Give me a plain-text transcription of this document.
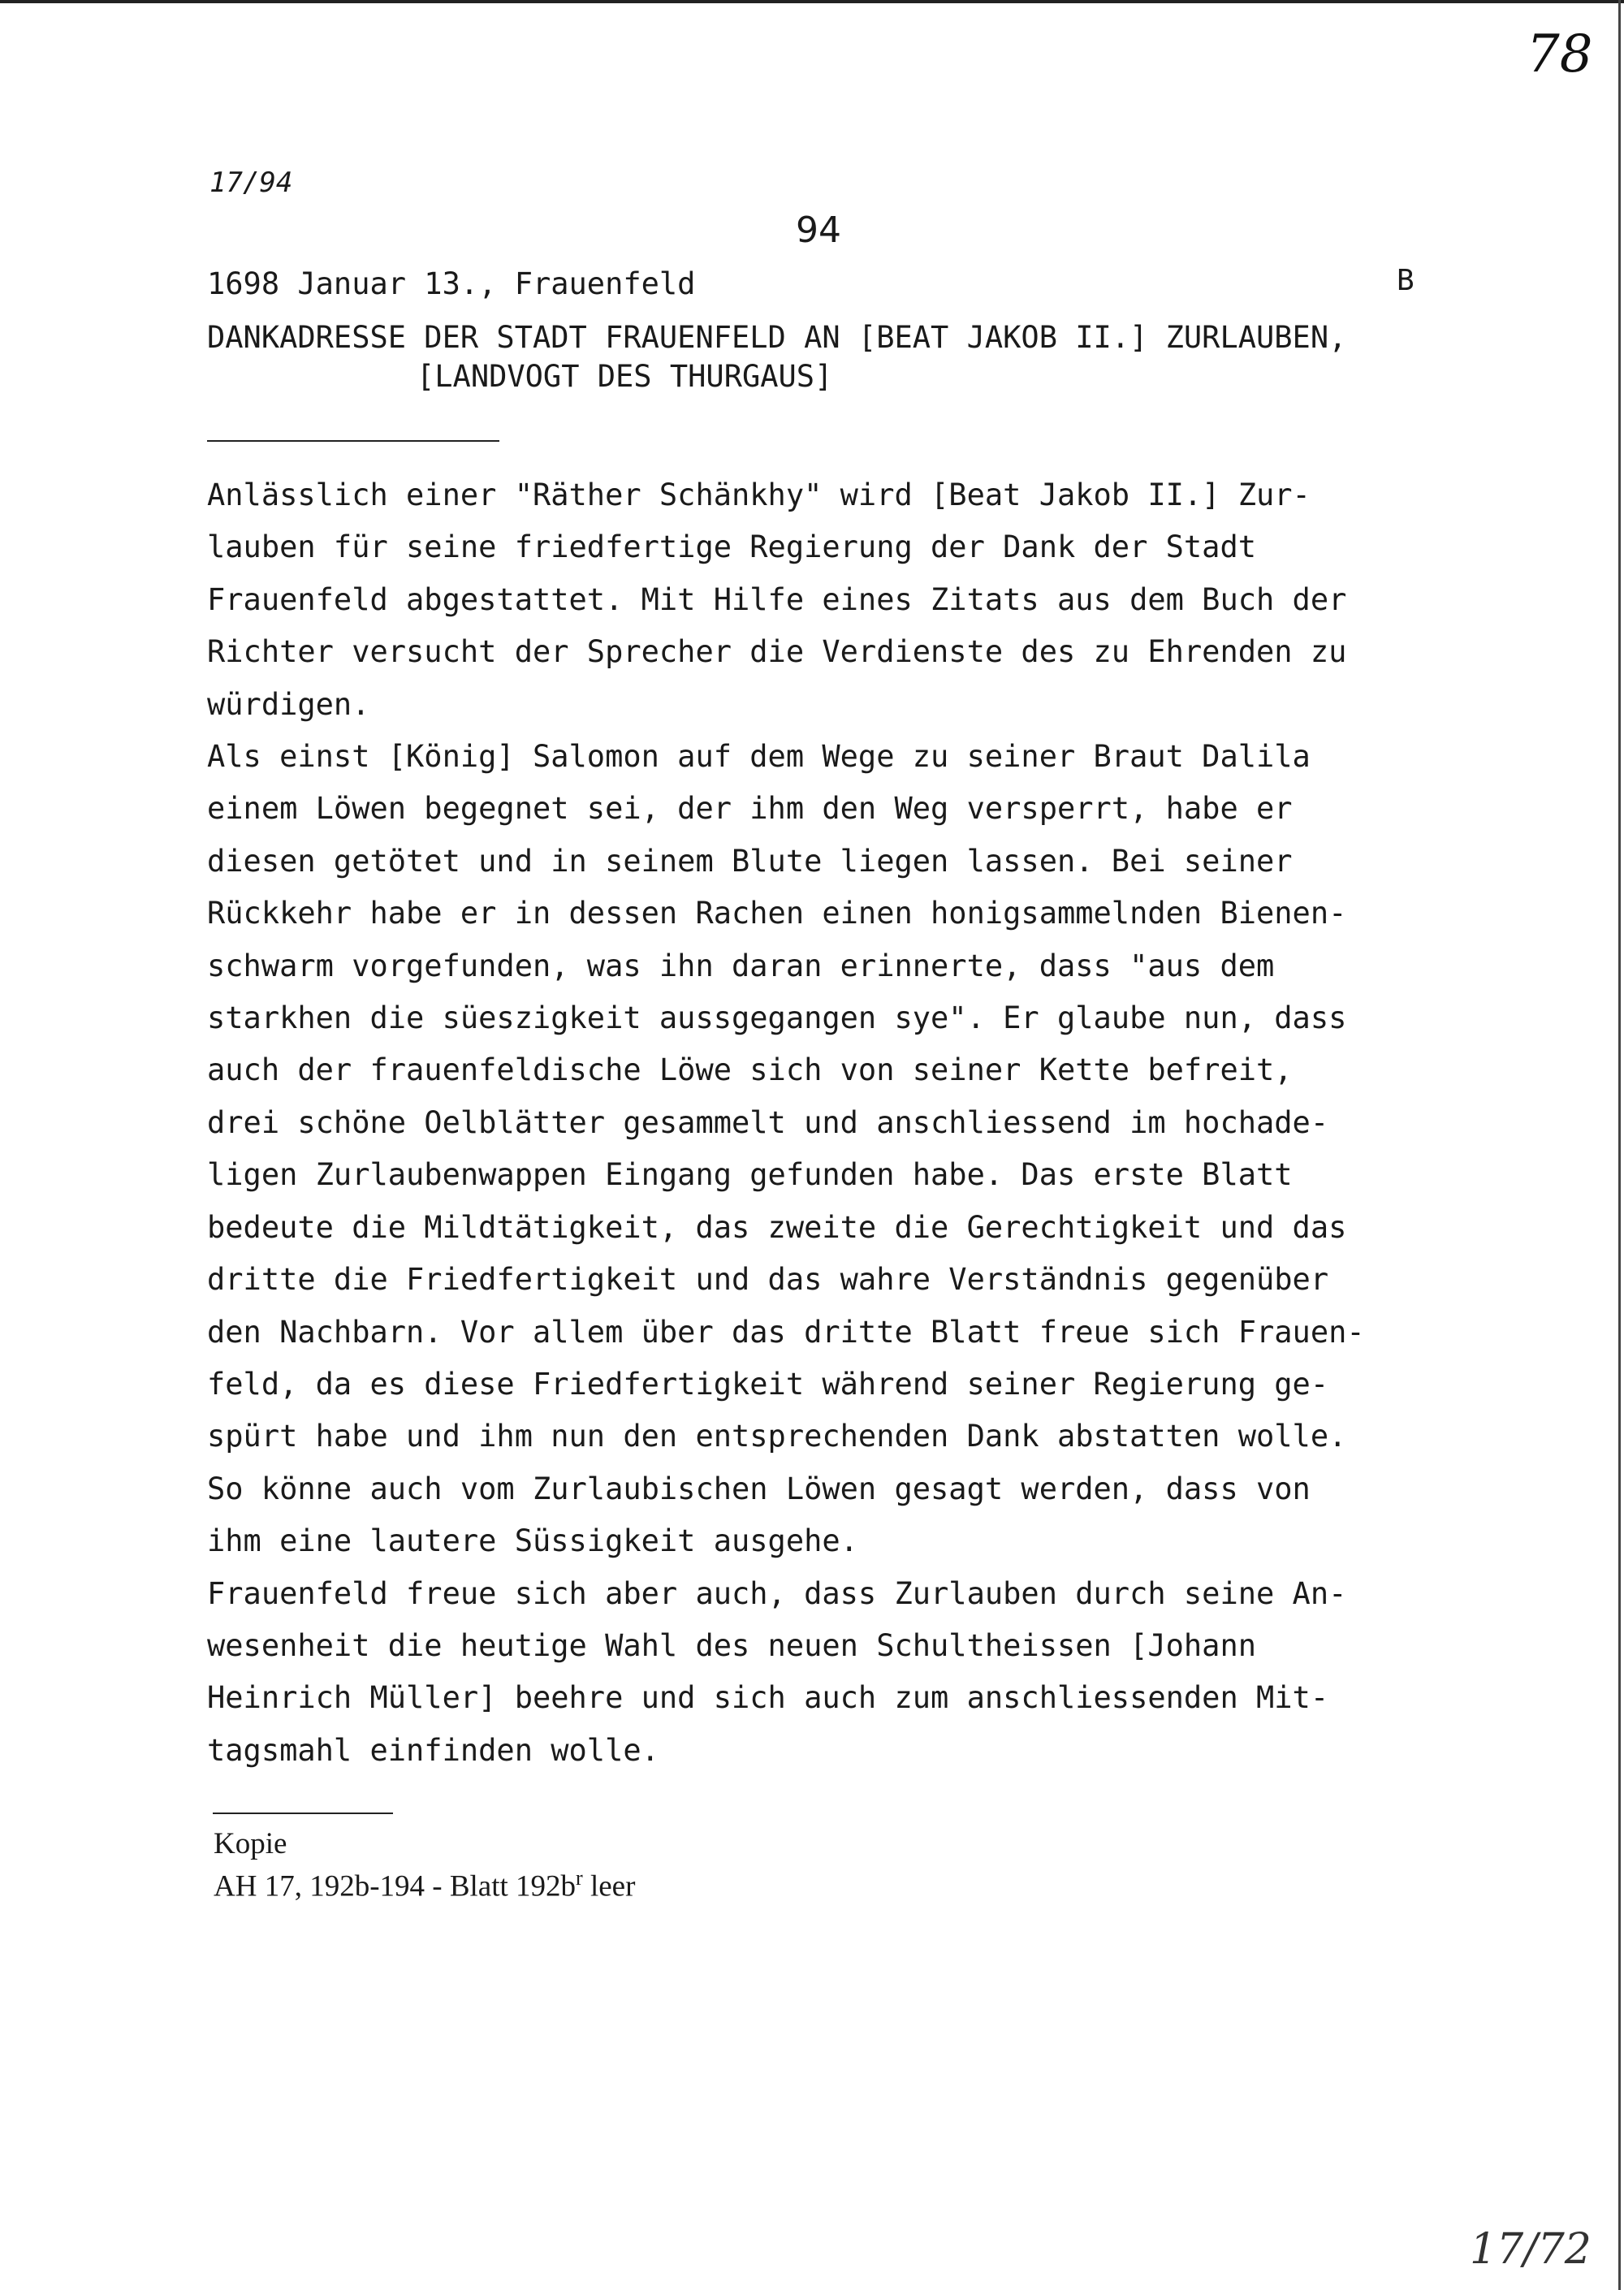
78
17/94
94
1698 Januar 13., Frauenfeld	B
DANKADRESSE DER STADT FRAUENFELD AN [BEAT JAKOB II.] ZURLAUBEN,
[LANDVOGT DES THURGAUS]
Anlässlich einer "Räther Schänkhy" wird [Beat Jakob II.] Zur-
lauben für seine friedfertige Regierung der Dank der Stadt
Frauenfeld abgestattet. Mit Hilfe eines Zitats aus dem Buch der
Richter versucht der Sprecher die Verdienste des zu Ehrenden zu
würdigen.
Als einst [König] Salomon auf dem Wege zu seiner Braut Dalila
einem Löwen begegnet sei, der ihm den Weg versperrt, habe er
diesen getötet und in seinem Blute liegen lassen. Bei seiner
Rückkehr habe er in dessen Rachen einen honigsammelnden Bienen-
schwarm vorgefunden, was ihn daran erinnerte, dass "aus dem
starkhen die süeszigkeit aussgegangen sye". Er glaube nun, dass
auch der frauenfeldische Löwe sich von seiner Kette befreit,
drei schöne Oelblätter gesammelt und anschliessend im hochade-
ligen Zurlaubenwappen Eingang gefunden habe. Das erste Blatt
bedeute die Mildtätigkeit, das zweite die Gerechtigkeit und das
dritte die Friedfertigkeit und das wahre Verständnis gegenüber
den Nachbarn. Vor allem über das dritte Blatt freue sich Frauen-
feld, da es diese Friedfertigkeit während seiner Regierung ge-
spürt habe und ihm nun den entsprechenden Dank abstatten wolle.
So könne auch vom Zurlaubischen Löwen gesagt werden, dass von
ihm eine lautere Süssigkeit ausgehe.
Frauenfeld freue sich aber auch, dass Zurlauben durch seine An-
wesenheit die heutige Wahl des neuen Schultheissen [Johann
Heinrich Müller] beehre und sich auch zum anschliessenden Mit-
tagsmahl einfinden wolle.
Kopie
AH 17, 192b-194 - Blatt $192b^r$ leer
17/72
